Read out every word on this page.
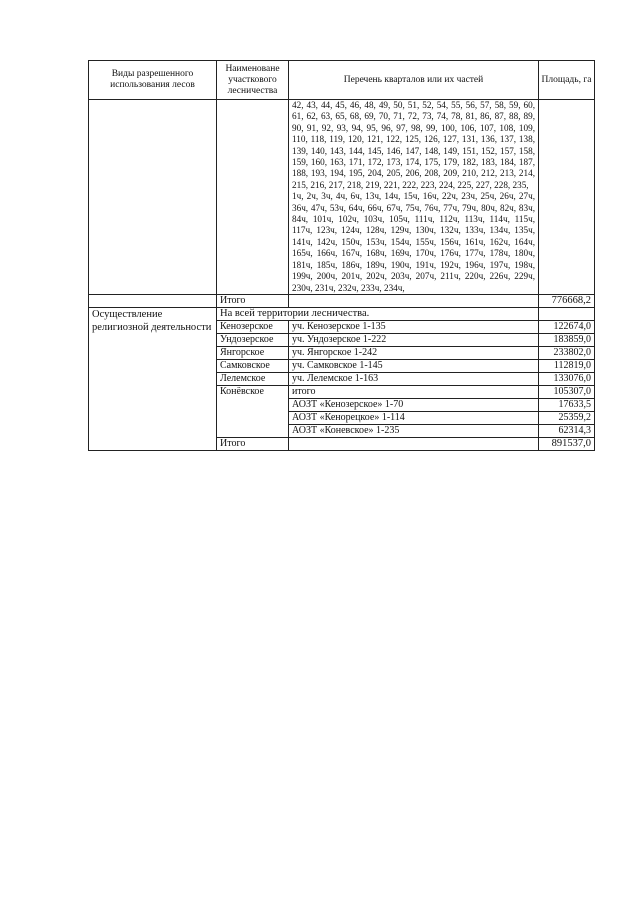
Виды разрешенного использования лесов	Наименоване участкового лесничества	Перечень кварталов или их частей	Площадь, га

		42, 43, 44, 45, 46, 48, 49, 50, 51, 52, 54, 55, 56, 57, 58, 59, 60, 61, 62, 63, 65, 68, 69, 70, 71, 72, 73, 74, 78, 81, 86, 87, 88, 89, 90, 91, 92, 93, 94, 95, 96, 97, 98, 99, 100, 106, 107, 108, 109, 110, 118, 119, 120, 121, 122, 125, 126, 127, 131, 136, 137, 138, 139, 140, 143, 144, 145, 146, 147, 148, 149, 151, 152, 157, 158, 159, 160, 163, 171, 172, 173, 174, 175, 179, 182, 183, 184, 187, 188, 193, 194, 195, 204, 205, 206, 208, 209, 210, 212, 213, 214, 215, 216, 217, 218, 219, 221, 222, 223, 224, 225, 227, 228, 235,
1ч, 2ч, 3ч, 4ч, 6ч, 13ч, 14ч, 15ч, 16ч, 22ч, 23ч, 25ч, 26ч, 27ч, 36ч, 47ч, 53ч, 64ч, 66ч, 67ч, 75ч, 76ч, 77ч, 79ч, 80ч, 82ч, 83ч, 84ч, 101ч, 102ч, 103ч, 105ч, 111ч, 112ч, 113ч, 114ч, 115ч, 117ч, 123ч, 124ч, 128ч, 129ч, 130ч, 132ч, 133ч, 134ч, 135ч, 141ч, 142ч, 150ч, 153ч, 154ч, 155ч, 156ч, 161ч, 162ч, 164ч, 165ч, 166ч, 167ч, 168ч, 169ч, 170ч, 176ч, 177ч, 178ч, 180ч, 181ч, 185ч, 186ч, 189ч, 190ч, 191ч, 192ч, 196ч, 197ч, 198ч, 199ч, 200ч, 201ч, 202ч, 203ч, 207ч, 211ч, 220ч, 226ч, 229ч, 230ч, 231ч, 232ч, 233ч, 234ч,	

	Итого		776668,2
Осуществление религиозной деятельности	На всей территории лесничества.		
	Кенозерское	уч. Кенозерское 1-135	122674,0
	Ундозерское	уч. Ундозерское 1-222	183859,0
	Янгорское	уч. Янгорское 1-242	233802,0
	Самковское	уч. Самковское 1-145	112819,0
	Лелемское	уч. Лелемское 1-163	133076,0
	Конёвское	итого	105307,0
		АОЗТ «Кенозерское» 1-70	17633,5
		АОЗТ «Кенорецкое» 1-114	25359,2
		АОЗТ «Коневское» 1-235	62314,3
	Итого		891537,0
